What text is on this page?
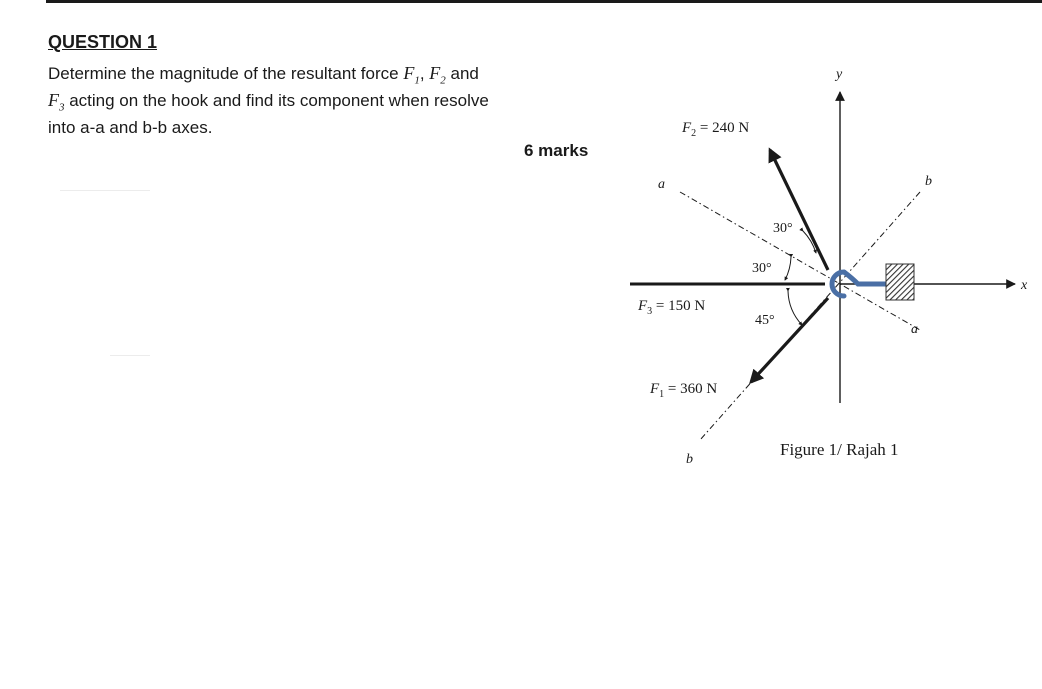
QUESTION 1

Determine the magnitude of the resultant force $F_1$, $F_2$ and
$F_3$ acting on the hook and find its component when resolve
into a-a and b-b axes.

6 marks

x
y
a
a
b
b
$F_3 = 150$ N
$F_2 = 240$ N
$F_1 = 360$ N
30°
30°
45°

Figure 1/ Rajah 1
